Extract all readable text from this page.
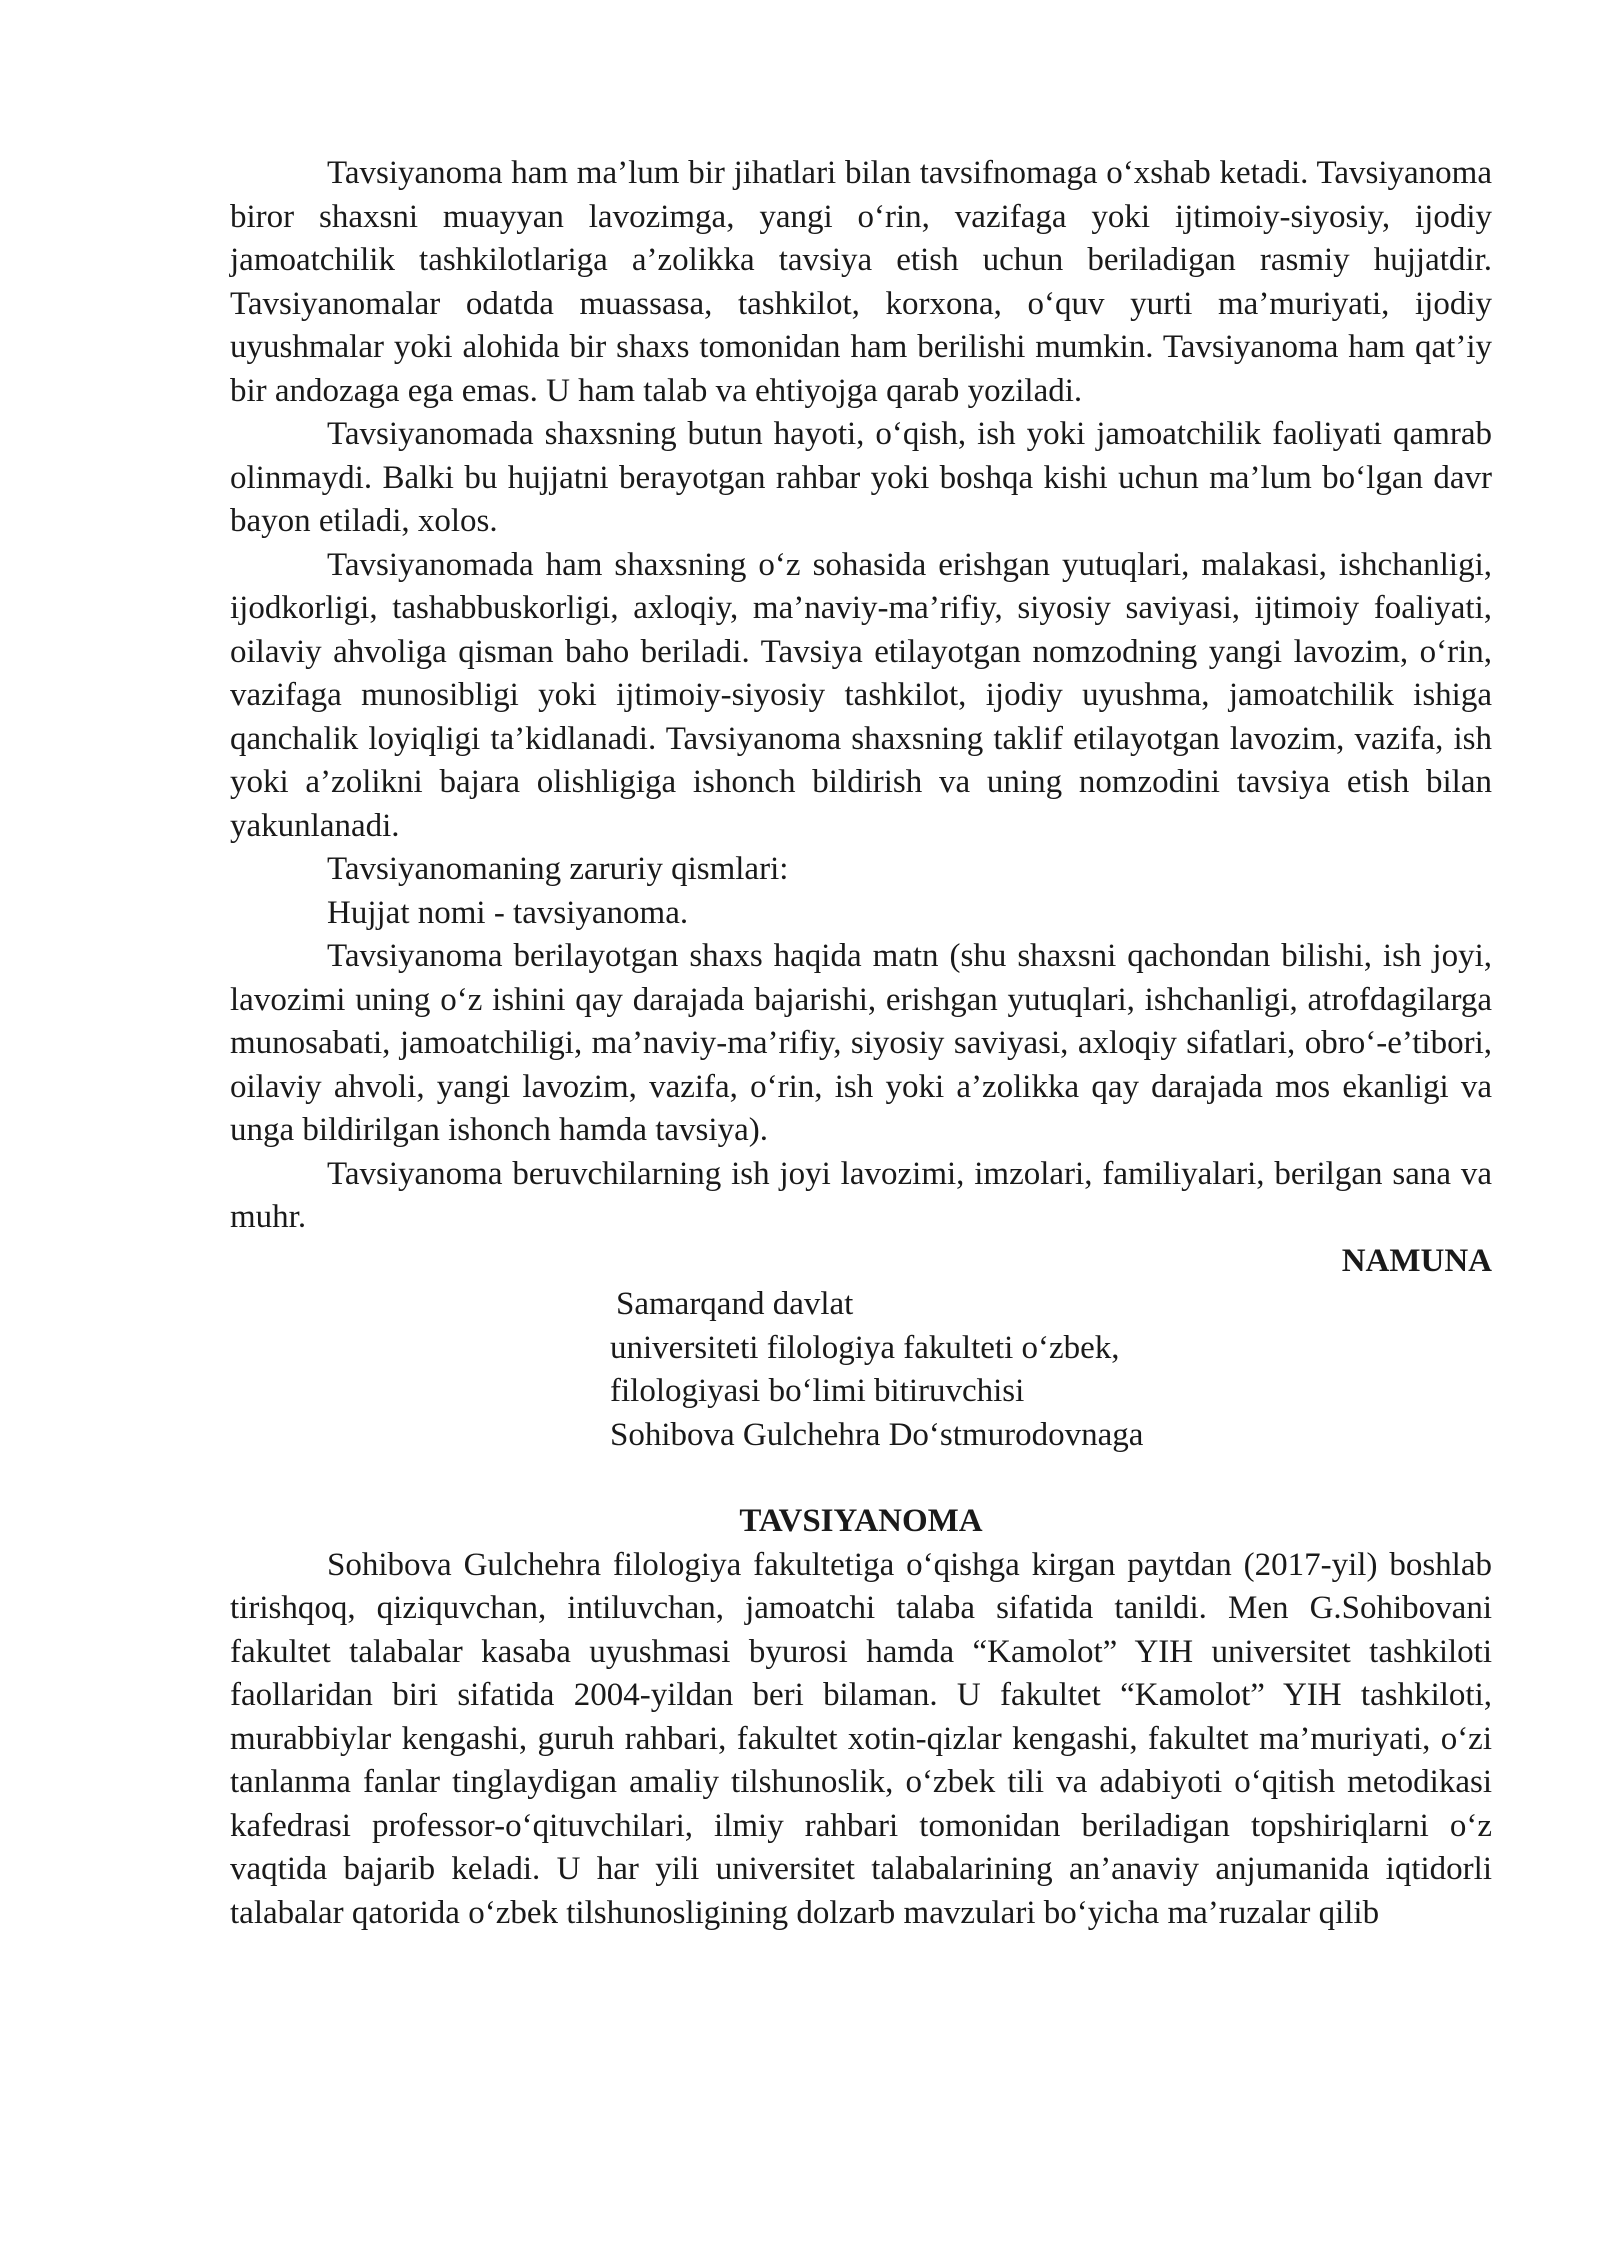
Tavsiyanoma ham ma’lum bir jihatlari bilan tavsifnomaga o‘xshab ketadi. Tavsiyanoma biror shaxsni muayyan lavozimga, yangi o‘rin, vazifaga yoki ijtimoiy-siyosiy, ijodiy jamoatchilik tashkilotlariga a’zolikka tavsiya etish uchun beriladigan rasmiy hujjatdir. Tavsiyanomalar odatda muassasa, tashkilot, korxona, o‘quv yurti ma’muriyati, ijodiy uyushmalar yoki alohida bir shaxs tomonidan ham berilishi mumkin. Tavsiyanoma ham qat’iy bir andozaga ega emas. U ham talab va ehtiyojga qarab yoziladi.

Tavsiyanomada shaxsning butun hayoti, o‘qish, ish yoki jamoatchilik faoliyati qamrab olinmaydi. Balki bu hujjatni berayotgan rahbar yoki boshqa kishi uchun ma’lum bo‘lgan davr bayon etiladi, xolos.

Tavsiyanomada ham shaxsning o‘z sohasida erishgan yutuqlari, malakasi, ishchanligi, ijodkorligi, tashabbuskorligi, axloqiy, ma’naviy-ma’rifiy, siyosiy saviyasi, ijtimoiy foaliyati, oilaviy ahvoliga qisman baho beriladi. Tavsiya etilayotgan nomzodning yangi lavozim, o‘rin, vazifaga munosibligi yoki ijtimoiy-siyosiy tashkilot, ijodiy uyushma, jamoatchilik ishiga qanchalik loyiqligi ta’kidlanadi. Tavsiyanoma shaxsning taklif etilayotgan lavozim, vazifa, ish yoki a’zolikni bajara olishligiga ishonch bildirish va uning nomzodini tavsiya etish bilan yakunlanadi.

Tavsiyanomaning zaruriy qismlari:

Hujjat nomi - tavsiyanoma.

Tavsiyanoma berilayotgan shaxs haqida matn (shu shaxsni qachondan bilishi, ish joyi, lavozimi uning o‘z ishini qay darajada bajarishi, erishgan yutuqlari, ishchanligi, atrofdagilarga munosabati, jamoatchiligi, ma’naviy-ma’rifiy, siyosiy saviyasi, axloqiy sifatlari, obro‘-e’tibori, oilaviy ahvoli, yangi lavozim, vazifa, o‘rin, ish yoki a’zolikka qay darajada mos ekanligi va unga bildirilgan ishonch hamda tavsiya).

Tavsiyanoma beruvchilarning ish joyi lavozimi, imzolari, familiyalari, berilgan sana va muhr.

NAMUNA

Samarqand davlat
universiteti filologiya fakulteti o‘zbek,
filologiyasi bo‘limi bitiruvchisi
Sohibova Gulchehra Do‘stmurodovnaga

TAVSIYANOMA

Sohibova Gulchehra filologiya fakultetiga o‘qishga kirgan paytdan (2017-yil) boshlab tirishqoq, qiziquvchan, intiluvchan, jamoatchi talaba sifatida tanildi. Men G.Sohibovani fakultet talabalar kasaba uyushmasi byurosi hamda “Kamolot” YIH universitet tashkiloti faollaridan biri sifatida 2004-yildan beri bilaman. U fakultet “Kamolot” YIH tashkiloti, murabbiylar kengashi, guruh rahbari, fakultet xotin-qizlar kengashi, fakultet ma’muriyati, o‘zi tanlanma fanlar tinglaydigan amaliy tilshunoslik, o‘zbek tili va adabiyoti o‘qitish metodikasi kafedrasi professor-o‘qituvchilari, ilmiy rahbari tomonidan beriladigan topshiriqlarni o‘z vaqtida bajarib keladi. U har yili universitet talabalarining an’anaviy anjumanida iqtidorli talabalar qatorida o‘zbek tilshunosligining dolzarb mavzulari bo‘yicha ma’ruzalar qilib
